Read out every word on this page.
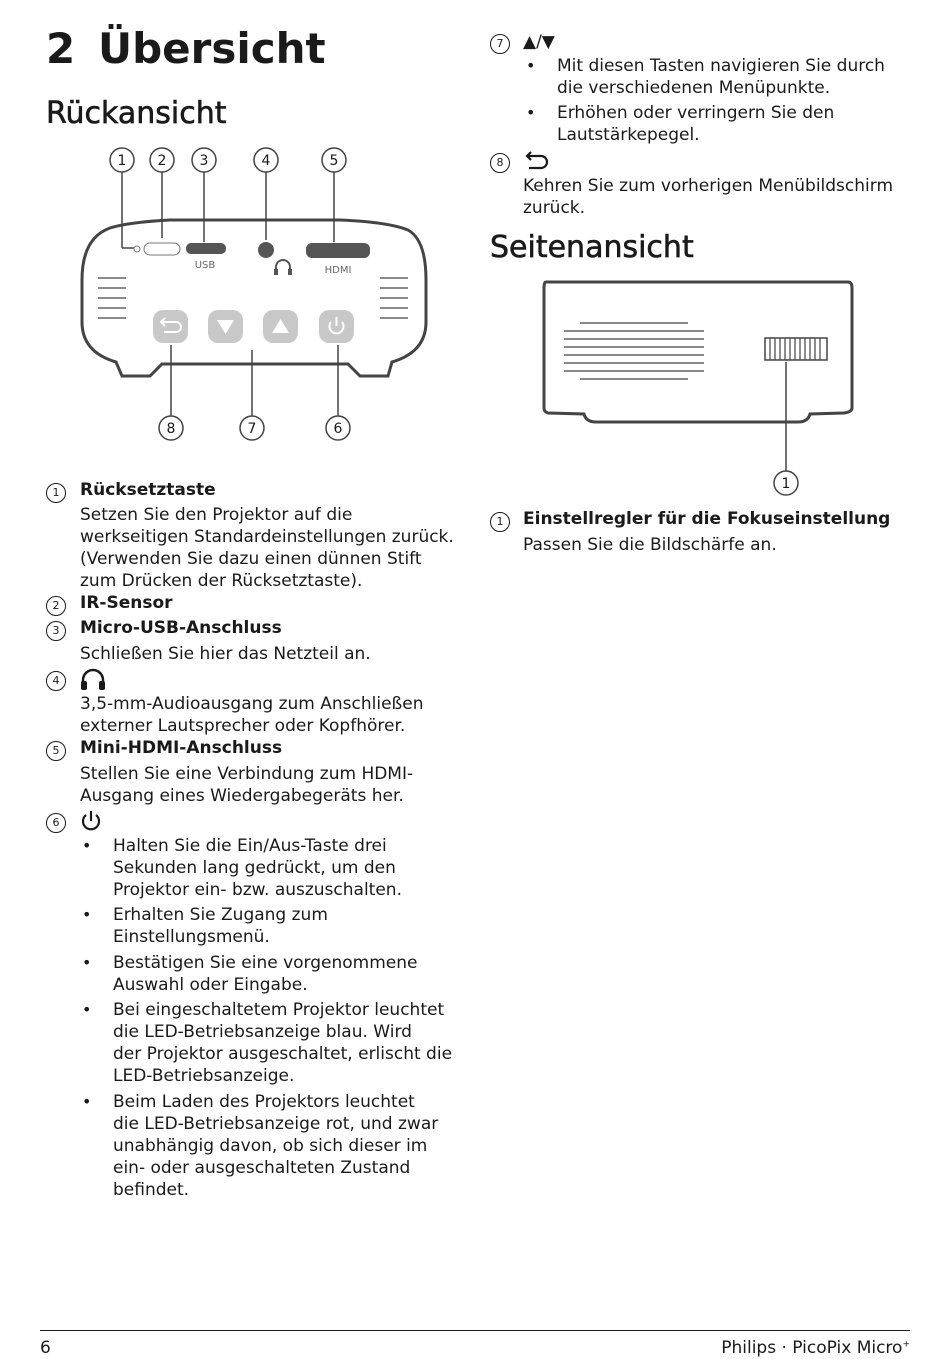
2 Übersicht
Rückansicht
1 2 3	4	5
USB	HDMI
8	7	6
1	Rücksetztaste
Setzen Sie den Projektor auf die
werkseitigen Standardeinstellungen zurück.
(Verwenden Sie dazu einen dünnen Stift
zum Drücken der Rücksetztaste).
2	IR-Sensor
3	Micro-USB-Anschluss
Schließen Sie hier das Netzteil an.
4
3,5-mm-Audioausgang zum Anschließen
externer Lautsprecher oder Kopfhörer.
5	Mini-HDMI-Anschluss
Stellen Sie eine Verbindung zum HDMI-
Ausgang eines Wiedergabegeräts her.
6
• Halten Sie die Ein/Aus-Taste drei
Sekunden lang gedrückt, um den
Projektor ein- bzw. auszuschalten.
• Erhalten Sie Zugang zum
Einstellungsmenü.
• Bestätigen Sie eine vorgenommene
Auswahl oder Eingabe.
• Bei eingeschaltetem Projektor leuchtet
die LED-Betriebsanzeige blau. Wird
der Projektor ausgeschaltet, erlischt die
LED-Betriebsanzeige.
• Beim Laden des Projektors leuchtet
die LED-Betriebsanzeige rot, und zwar
unabhängig davon, ob sich dieser im
ein- oder ausgeschalteten Zustand
befindet.
7	▲/▼
• Mit diesen Tasten navigieren Sie durch
die verschiedenen Menüpunkte.
• Erhöhen oder verringern Sie den
Lautstärkepegel.
8
Kehren Sie zum vorherigen Menübildschirm
zurück.
Seitenansicht
1
1	Einstellregler für die Fokuseinstellung
Passen Sie die Bildschärfe an.
6	Philips · PicoPix Micro+
